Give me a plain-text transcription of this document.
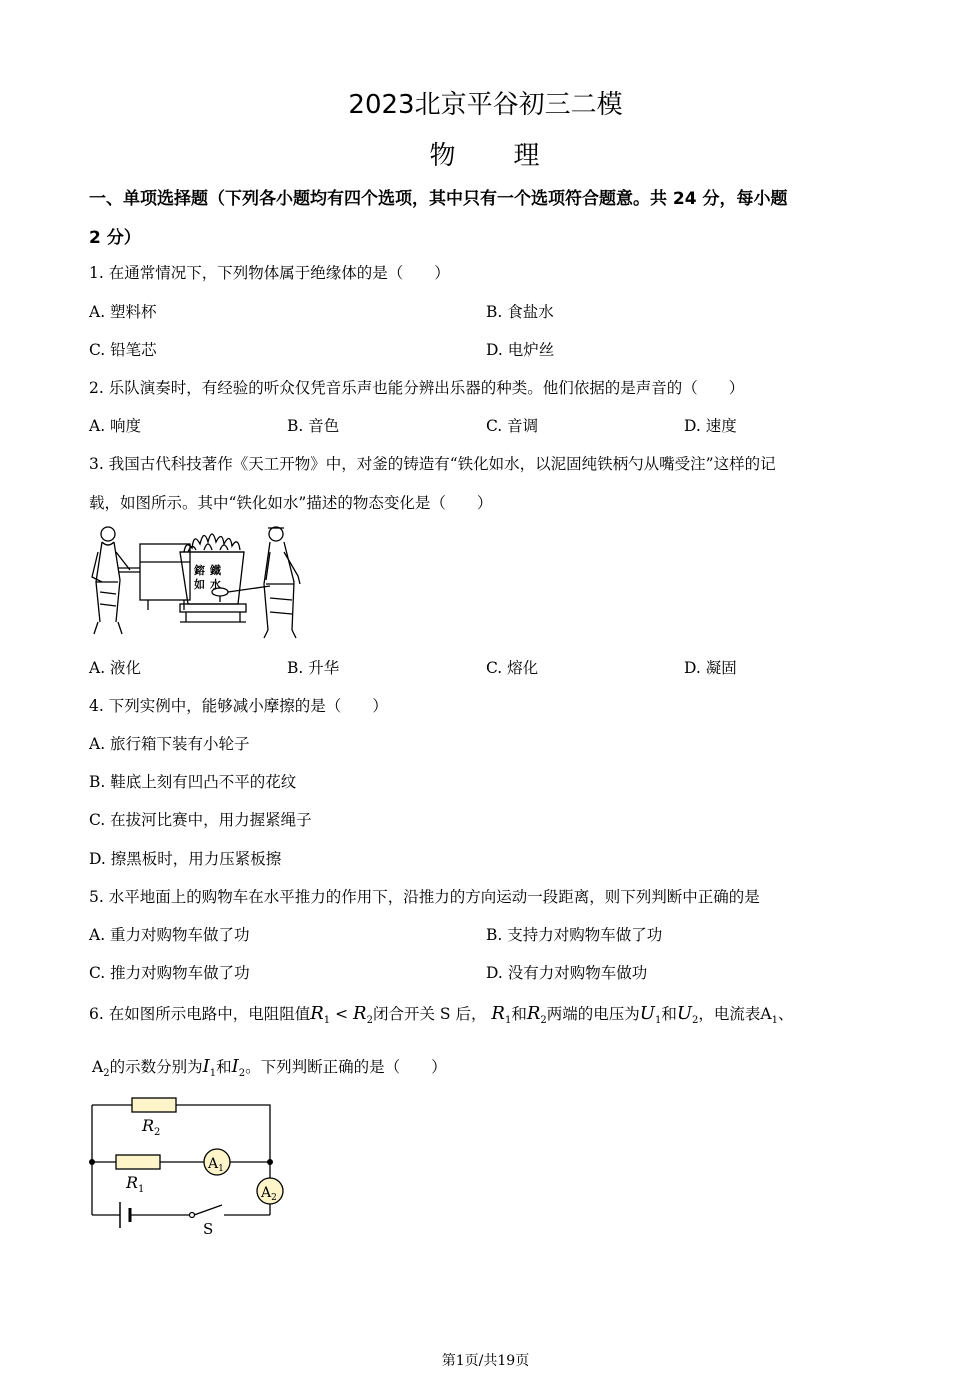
2023北京平谷初三二模
物　　理
一、单项选择题（下列各小题均有四个选项，其中只有一个选项符合题意。共 24 分，每小题
2 分）
1. 在通常情况下，下列物体属于绝缘体的是（　　）
A. 塑料杯	B. 食盐水
C. 铅笔芯	D. 电炉丝
2. 乐队演奏时，有经验的听众仅凭音乐声也能分辨出乐器的种类。他们依据的是声音的（　　）
A. 响度	B. 音色	C. 音调	D. 速度
3. 我国古代科技著作《天工开物》中，对釜的铸造有“铁化如水，以泥固纯铁柄勺从嘴受注”这样的记
载，如图所示。其中“铁化如水”描述的物态变化是（　　）
鎔 鐵
如 水
A. 液化	B. 升华	C. 熔化	D. 凝固
4. 下列实例中，能够减小摩擦的是（　　）
A. 旅行箱下装有小轮子
B. 鞋底上刻有凹凸不平的花纹
C. 在拔河比赛中，用力握紧绳子
D. 擦黑板时，用力压紧板擦
5. 水平地面上的购物车在水平推力的作用下，沿推力的方向运动一段距离，则下列判断中正确的是
A. 重力对购物车做了功	B. 支持力对购物车做了功
C. 推力对购物车做了功	D. 没有力对购物车做功
6. 在如图所示电路中，电阻阻值$R_1 < R_2$闭合开关 S 后， $R_1$和$R_2$两端的电压为$U_1$和$U_2$，电流表$A_1$、
$A_2$的示数分别为$I_1$和$I_2$。下列判断正确的是（　　）
$R_2$
$R_1$
$A_1$
$A_2$
S
第1页/共19页
